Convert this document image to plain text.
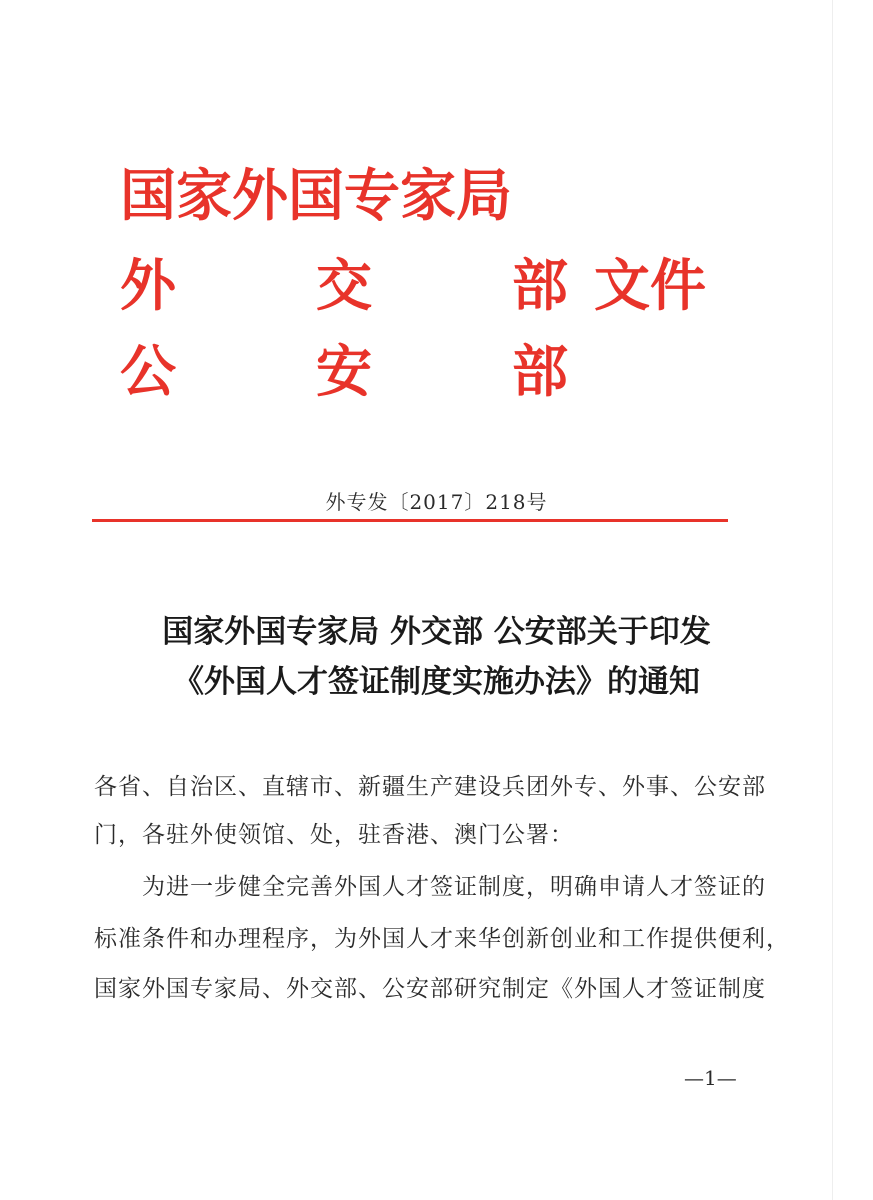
国家外国专家局
外	交	部 文件
公	安	部
外专发〔2017〕218号
国家外国专家局 外交部 公安部关于印发
《外国人才签证制度实施办法》的通知
各省、自治区、直辖市、新疆生产建设兵团外专、外事、公安部
门，各驻外使领馆、处，驻香港、澳门公署：
　　为进一步健全完善外国人才签证制度，明确申请人才签证的
标准条件和办理程序，为外国人才来华创新创业和工作提供便利，
国家外国专家局、外交部、公安部研究制定《外国人才签证制度
—1—
